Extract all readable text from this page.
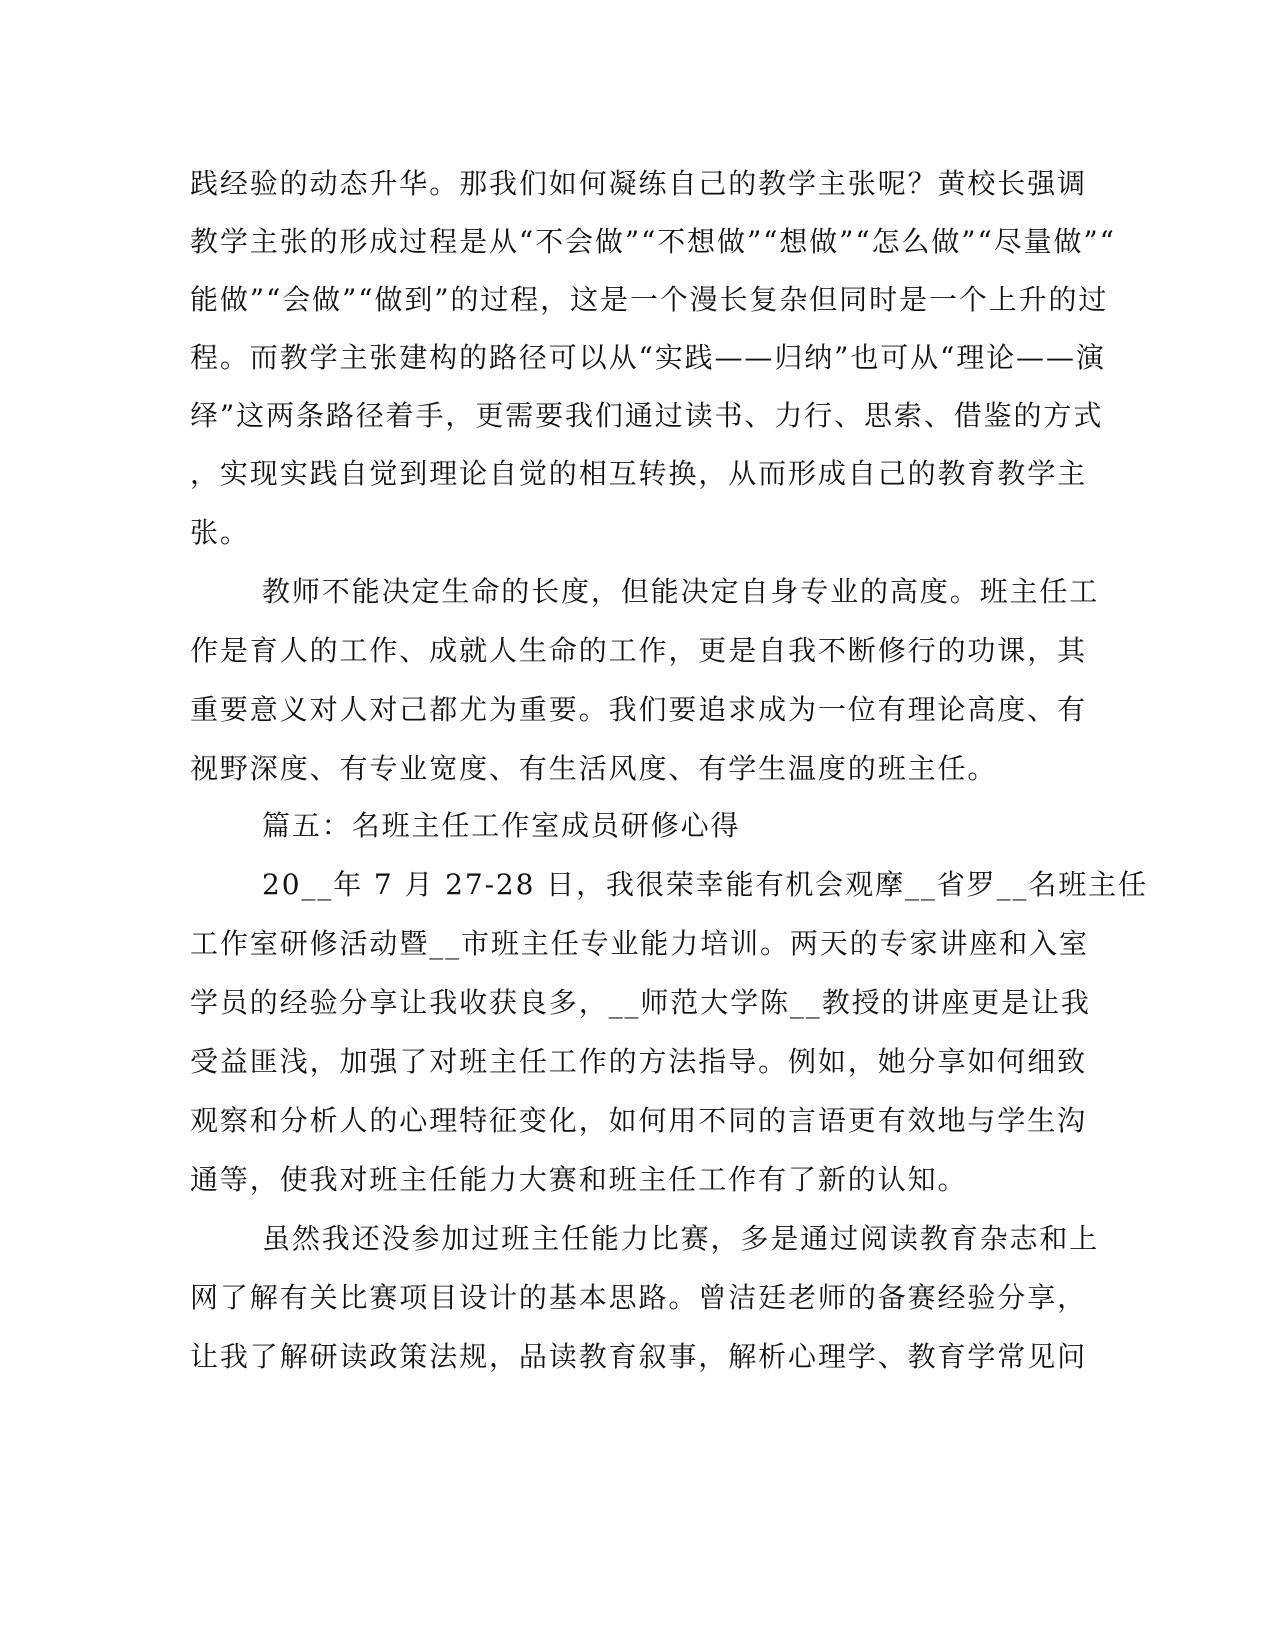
践经验的动态升华。那我们如何凝练自己的教学主张呢？黄校长强调
教学主张的形成过程是从“不会做”“不想做”“想做”“怎么做”“尽量做”“
能做”“会做”“做到”的过程，这是一个漫长复杂但同时是一个上升的过
程。而教学主张建构的路径可以从“实践——归纳”也可从“理论——演
绎”这两条路径着手，更需要我们通过读书、力行、思索、借鉴的方式
，实现实践自觉到理论自觉的相互转换，从而形成自己的教育教学主
张。
教师不能决定生命的长度，但能决定自身专业的高度。班主任工
作是育人的工作、成就人生命的工作，更是自我不断修行的功课，其
重要意义对人对己都尤为重要。我们要追求成为一位有理论高度、有
视野深度、有专业宽度、有生活风度、有学生温度的班主任。
篇五：名班主任工作室成员研修心得
20__年 7 月 27-28 日，我很荣幸能有机会观摩__省罗__名班主任
工作室研修活动暨__市班主任专业能力培训。两天的专家讲座和入室
学员的经验分享让我收获良多，__师范大学陈__教授的讲座更是让我
受益匪浅，加强了对班主任工作的方法指导。例如，她分享如何细致
观察和分析人的心理特征变化，如何用不同的言语更有效地与学生沟
通等，使我对班主任能力大赛和班主任工作有了新的认知。
虽然我还没参加过班主任能力比赛，多是通过阅读教育杂志和上
网了解有关比赛项目设计的基本思路。曾洁廷老师的备赛经验分享，
让我了解研读政策法规，品读教育叙事，解析心理学、教育学常见问
